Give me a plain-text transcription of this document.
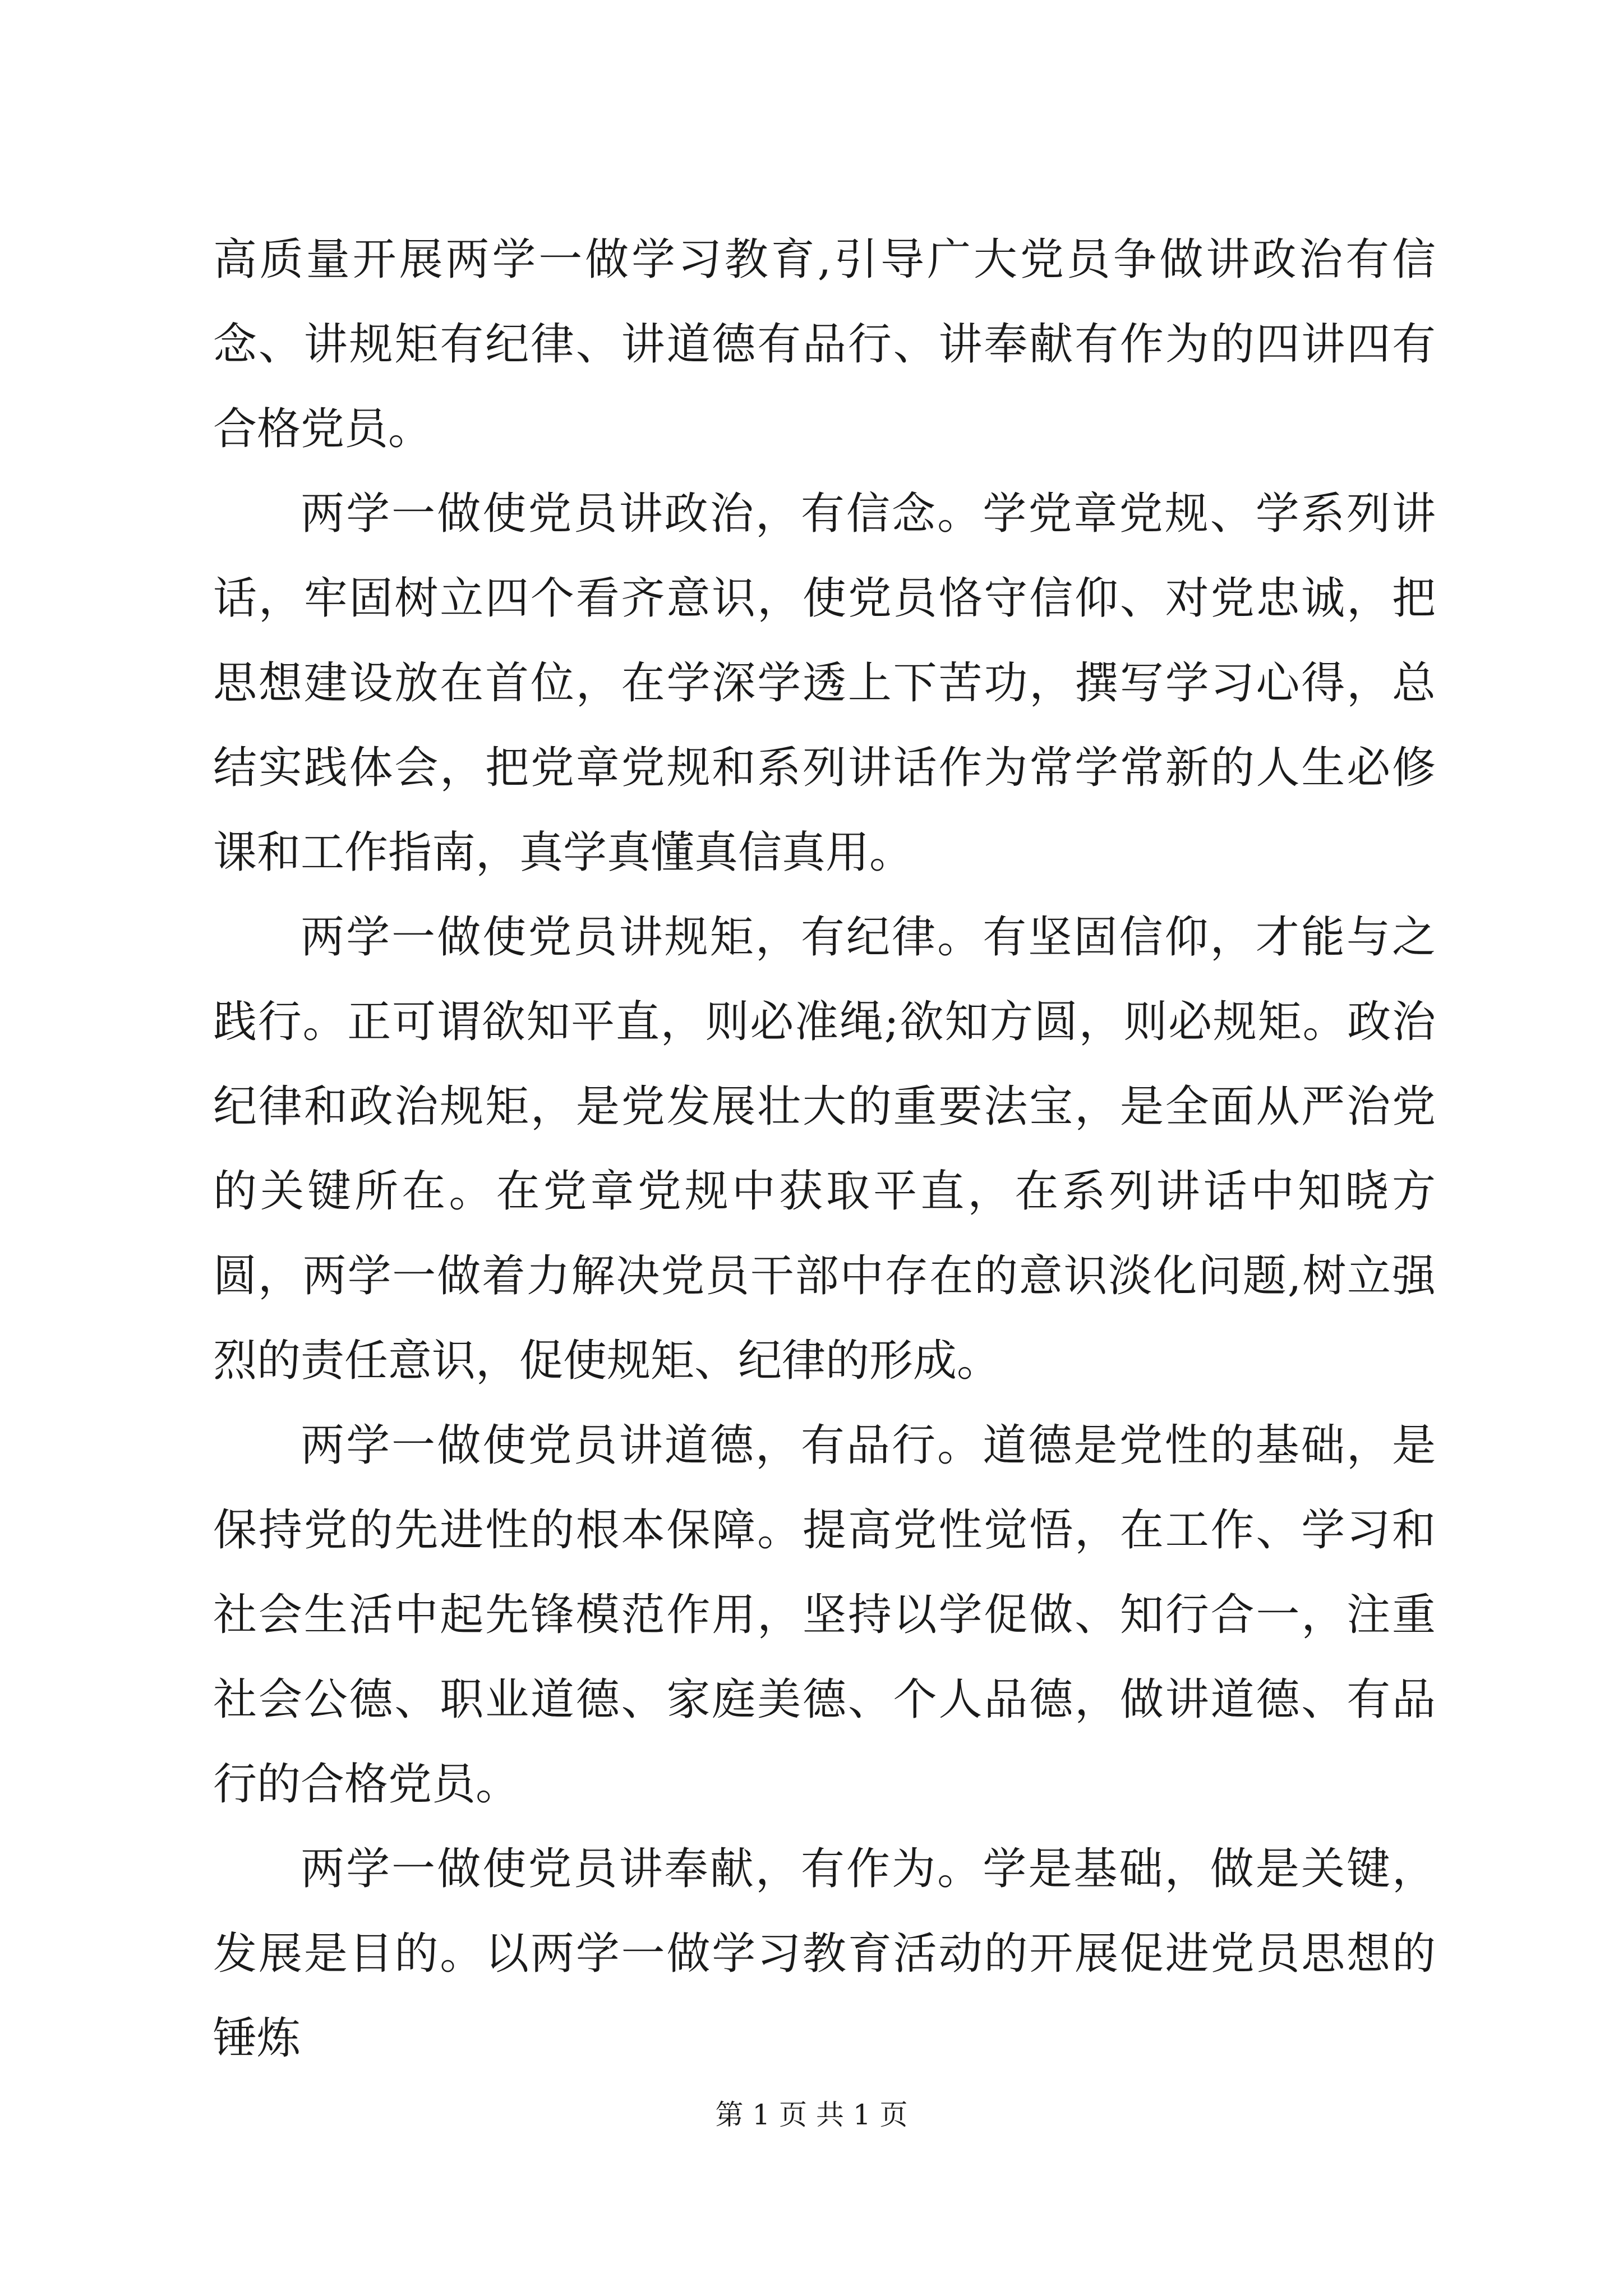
高质量开展两学一做学习教育,引导广大党员争做讲政治有信念、讲规矩有纪律、讲道德有品行、讲奉献有作为的四讲四有合格党员。

两学一做使党员讲政治，有信念。学党章党规、学系列讲话，牢固树立四个看齐意识，使党员恪守信仰、对党忠诚，把思想建设放在首位，在学深学透上下苦功，撰写学习心得，总结实践体会，把党章党规和系列讲话作为常学常新的人生必修课和工作指南，真学真懂真信真用。

两学一做使党员讲规矩，有纪律。有坚固信仰，才能与之践行。正可谓欲知平直，则必准绳;欲知方圆，则必规矩。政治纪律和政治规矩，是党发展壮大的重要法宝，是全面从严治党的关键所在。在党章党规中获取平直，在系列讲话中知晓方圆，两学一做着力解决党员干部中存在的意识淡化问题,树立强烈的责任意识，促使规矩、纪律的形成。

两学一做使党员讲道德，有品行。道德是党性的基础，是保持党的先进性的根本保障。提高党性觉悟，在工作、学习和社会生活中起先锋模范作用，坚持以学促做、知行合一，注重社会公德、职业道德、家庭美德、个人品德，做讲道德、有品行的合格党员。

两学一做使党员讲奉献，有作为。学是基础，做是关键，发展是目的。以两学一做学习教育活动的开展促进党员思想的锤炼

第 1 页 共 1 页
